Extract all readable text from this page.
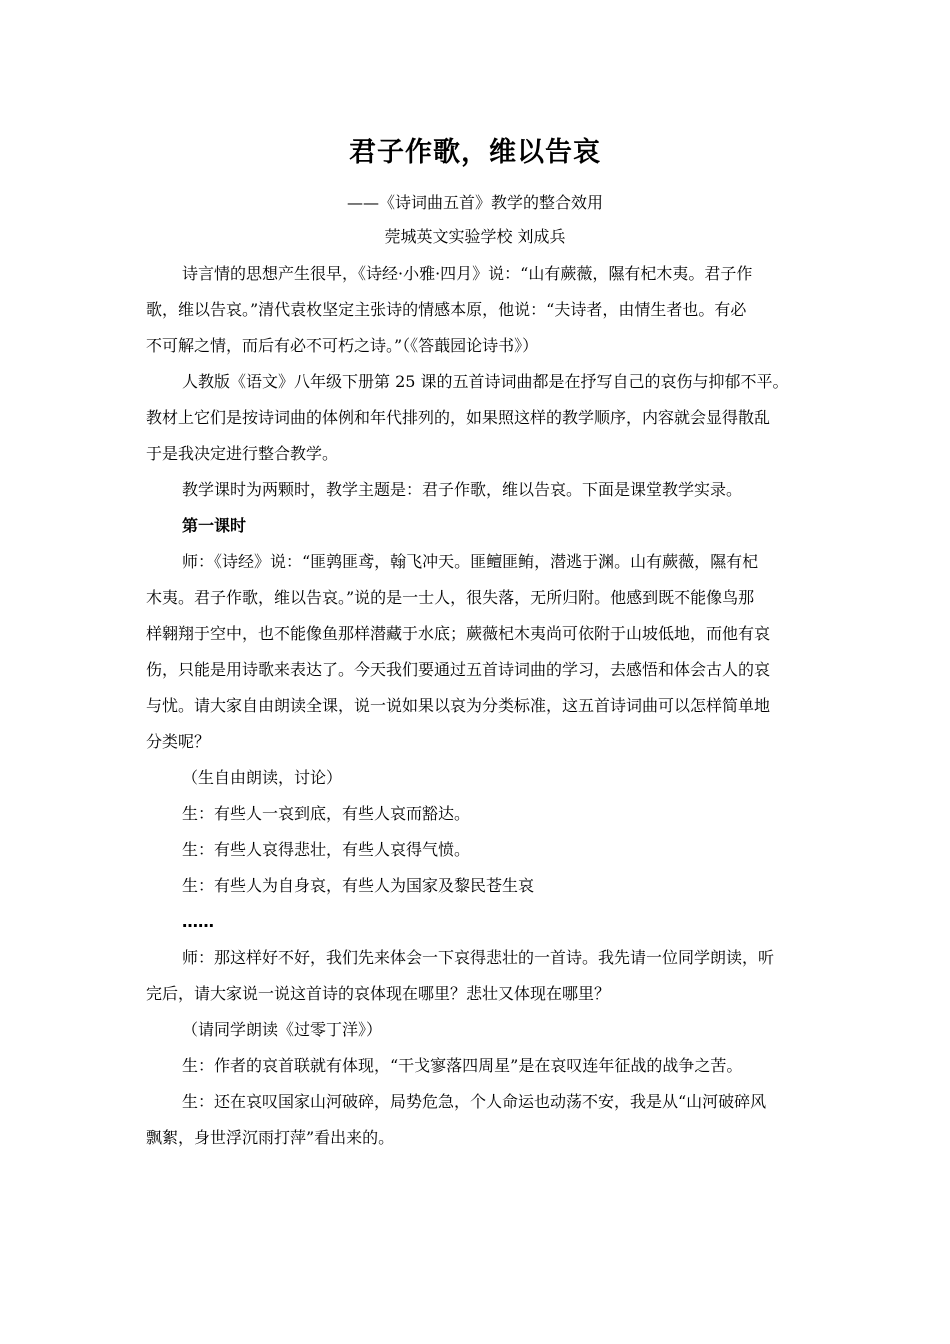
君子作歌，维以告哀
——《诗词曲五首》教学的整合效用
莞城英文实验学校 刘成兵
诗言情的思想产生很早，《诗经·小雅·四月》说：“山有蕨薇，隰有杞木夷。君子作
歌，维以告哀。”清代袁枚坚定主张诗的情感本原，他说：“夫诗者，由情生者也。有必
不可解之情，而后有必不可朽之诗。”（《答蕺园论诗书》）
人教版《语文》八年级下册第 25 课的五首诗词曲都是在抒写自己的哀伤与抑郁不平。
教材上它们是按诗词曲的体例和年代排列的，如果照这样的教学顺序，内容就会显得散乱
于是我决定进行整合教学。
教学课时为两颗时，教学主题是：君子作歌，维以告哀。下面是课堂教学实录。
第一课时
师：《诗经》说：“匪鹑匪鸢，翰飞冲天。匪鳣匪鲔，潜逃于渊。山有蕨薇，隰有杞
木夷。君子作歌，维以告哀。”说的是一士人，很失落，无所归附。他感到既不能像鸟那
样翱翔于空中，也不能像鱼那样潜藏于水底；蕨薇杞木夷尚可依附于山坡低地，而他有哀
伤，只能是用诗歌来表达了。今天我们要通过五首诗词曲的学习，去感悟和体会古人的哀
与忧。请大家自由朗读全课，说一说如果以哀为分类标准，这五首诗词曲可以怎样简单地
分类呢？
（生自由朗读，讨论）
生：有些人一哀到底，有些人哀而豁达。
生：有些人哀得悲壮，有些人哀得气愤。
生：有些人为自身哀，有些人为国家及黎民苍生哀
……
师：那这样好不好，我们先来体会一下哀得悲壮的一首诗。我先请一位同学朗读，听
完后，请大家说一说这首诗的哀体现在哪里？悲壮又体现在哪里？
（请同学朗读《过零丁洋》）
生：作者的哀首联就有体现，“干戈寥落四周星”是在哀叹连年征战的战争之苦。
生：还在哀叹国家山河破碎，局势危急，个人命运也动荡不安，我是从“山河破碎风
飘絮，身世浮沉雨打萍”看出来的。
